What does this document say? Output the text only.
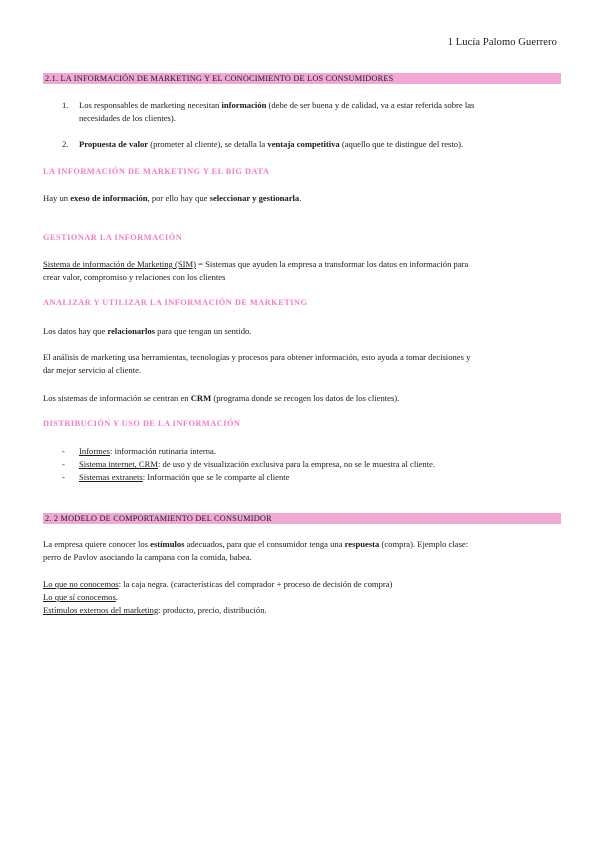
1 Lucía Palomo Guerrero
2.1. LA INFORMACIÓN DE MARKETING Y EL CONOCIMIENTO DE LOS CONSUMIDORES
1. Los responsables de marketing necesitan información (debe de ser buena y de calidad, va a estar referida sobre las
necesidades de los clientes).
2. Propuesta de valor (prometer al cliente), se detalla la ventaja competitiva (aquello que te distingue del resto).
LA INFORMACIÓN DE MARKETING Y EL BIG DATA
Hay un exeso de información, por ello hay que seleccionar y gestionarla.
GESTIONAR LA INFORMACIÓN
Sistema de información de Marketing (SIM) = Sistemas que ayuden la empresa a transformar los datos en información para
crear valor, compromiso y relaciones con los clientes
ANALIZAR Y UTILIZAR LA INFORMACIÓN DE MARKETING
Los datos hay que relacionarlos para que tengan un sentido.
El análisis de marketing usa herramientas, tecnologías y procesos para obtener información, esto ayuda a tomar decisiones y
dar mejor servicio al cliente.
Los sistemas de información se centran en CRM (programa donde se recogen los datos de los clientes).
DISTRIBUCIÓN Y USO DE LA INFORMACIÓN
- Informes: información rutinaria interna.
- Sistema internet, CRM: de uso y de visualización exclusiva para la empresa, no se le muestra al cliente.
- Sistemas extranets: Información que se le comparte al cliente
2. 2 MODELO DE COMPORTAMIENTO DEL CONSUMIDOR
La empresa quiere conocer los estímulos adecuados, para que el consumidor tenga una respuesta (compra). Ejemplo clase:
perro de Pavlov asociando la campana con la comida, babea.
Lo que no conocemos: la caja negra. (características del comprador + proceso de decisión de compra)
Lo que sí conocemos.
Estímulos externos del marketing: producto, precio, distribución.
